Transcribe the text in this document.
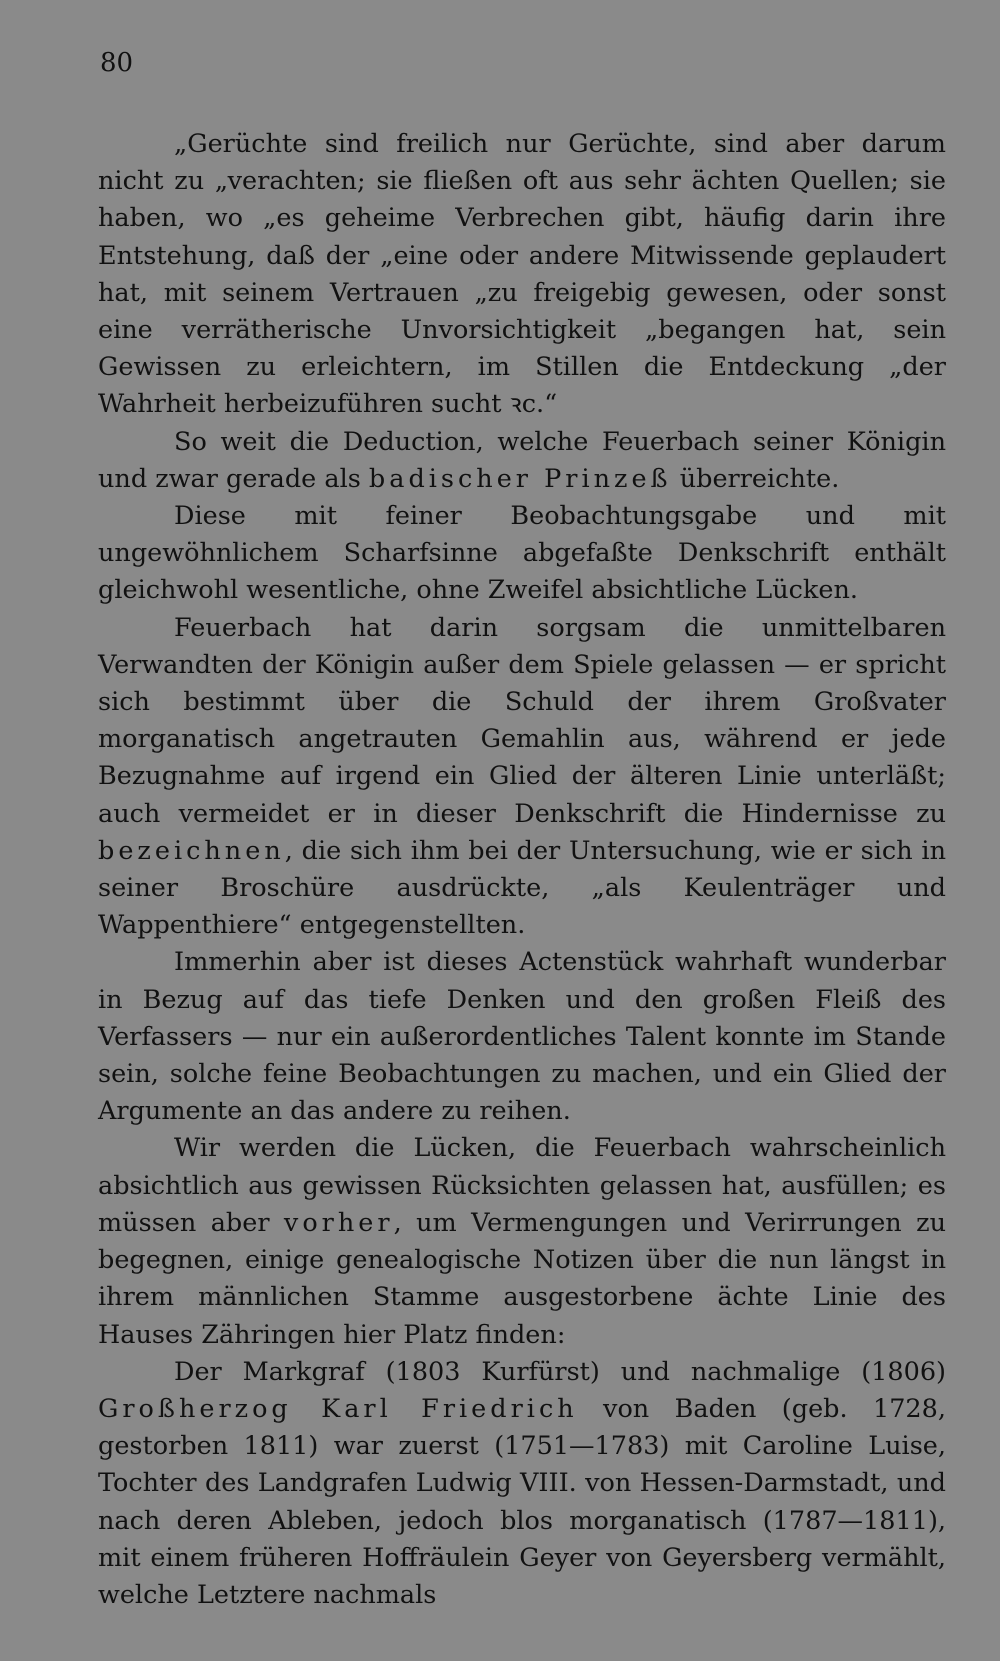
80

„Gerüchte sind freilich nur Gerüchte, sind aber darum nicht zu „verachten; sie fließen oft aus sehr ächten Quellen; sie haben, wo „es geheime Verbrechen gibt, häufig darin ihre Entstehung, daß der „eine oder andere Mitwissende geplaudert hat, mit seinem Vertrauen „zu freigebig gewesen, oder sonst eine verrätherische Unvorsichtigkeit „begangen hat, sein Gewissen zu erleichtern, im Stillen die Entdeckung „der Wahrheit herbeizuführen sucht ꝛc.“

So weit die Deduction, welche Feuerbach seiner Königin und zwar gerade als badischer Prinzeß überreichte.

Diese mit feiner Beobachtungsgabe und mit ungewöhnlichem Scharfsinne abgefaßte Denkschrift enthält gleichwohl wesentliche, ohne Zweifel absichtliche Lücken.

Feuerbach hat darin sorgsam die unmittelbaren Verwandten der Königin außer dem Spiele gelassen — er spricht sich bestimmt über die Schuld der ihrem Großvater morganatisch angetrauten Gemahlin aus, während er jede Bezugnahme auf irgend ein Glied der älteren Linie unterläßt; auch vermeidet er in dieser Denkschrift die Hindernisse zu bezeichnen, die sich ihm bei der Untersuchung, wie er sich in seiner Broschüre ausdrückte, „als Keulenträger und Wappenthiere“ entgegenstellten.

Immerhin aber ist dieses Actenstück wahrhaft wunderbar in Bezug auf das tiefe Denken und den großen Fleiß des Verfassers — nur ein außerordentliches Talent konnte im Stande sein, solche feine Beobachtungen zu machen, und ein Glied der Argumente an das andere zu reihen.

Wir werden die Lücken, die Feuerbach wahrscheinlich absichtlich aus gewissen Rücksichten gelassen hat, ausfüllen; es müssen aber vorher, um Vermengungen und Verirrungen zu begegnen, einige genealogische Notizen über die nun längst in ihrem männlichen Stamme ausgestorbene ächte Linie des Hauses Zähringen hier Platz finden:

Der Markgraf (1803 Kurfürst) und nachmalige (1806) Großherzog Karl Friedrich von Baden (geb. 1728, gestorben 1811) war zuerst (1751—1783) mit Caroline Luise, Tochter des Landgrafen Ludwig VIII. von Hessen-Darmstadt, und nach deren Ableben, jedoch blos morganatisch (1787—1811), mit einem früheren Hoffräulein Geyer von Geyersberg vermählt, welche Letztere nachmals
